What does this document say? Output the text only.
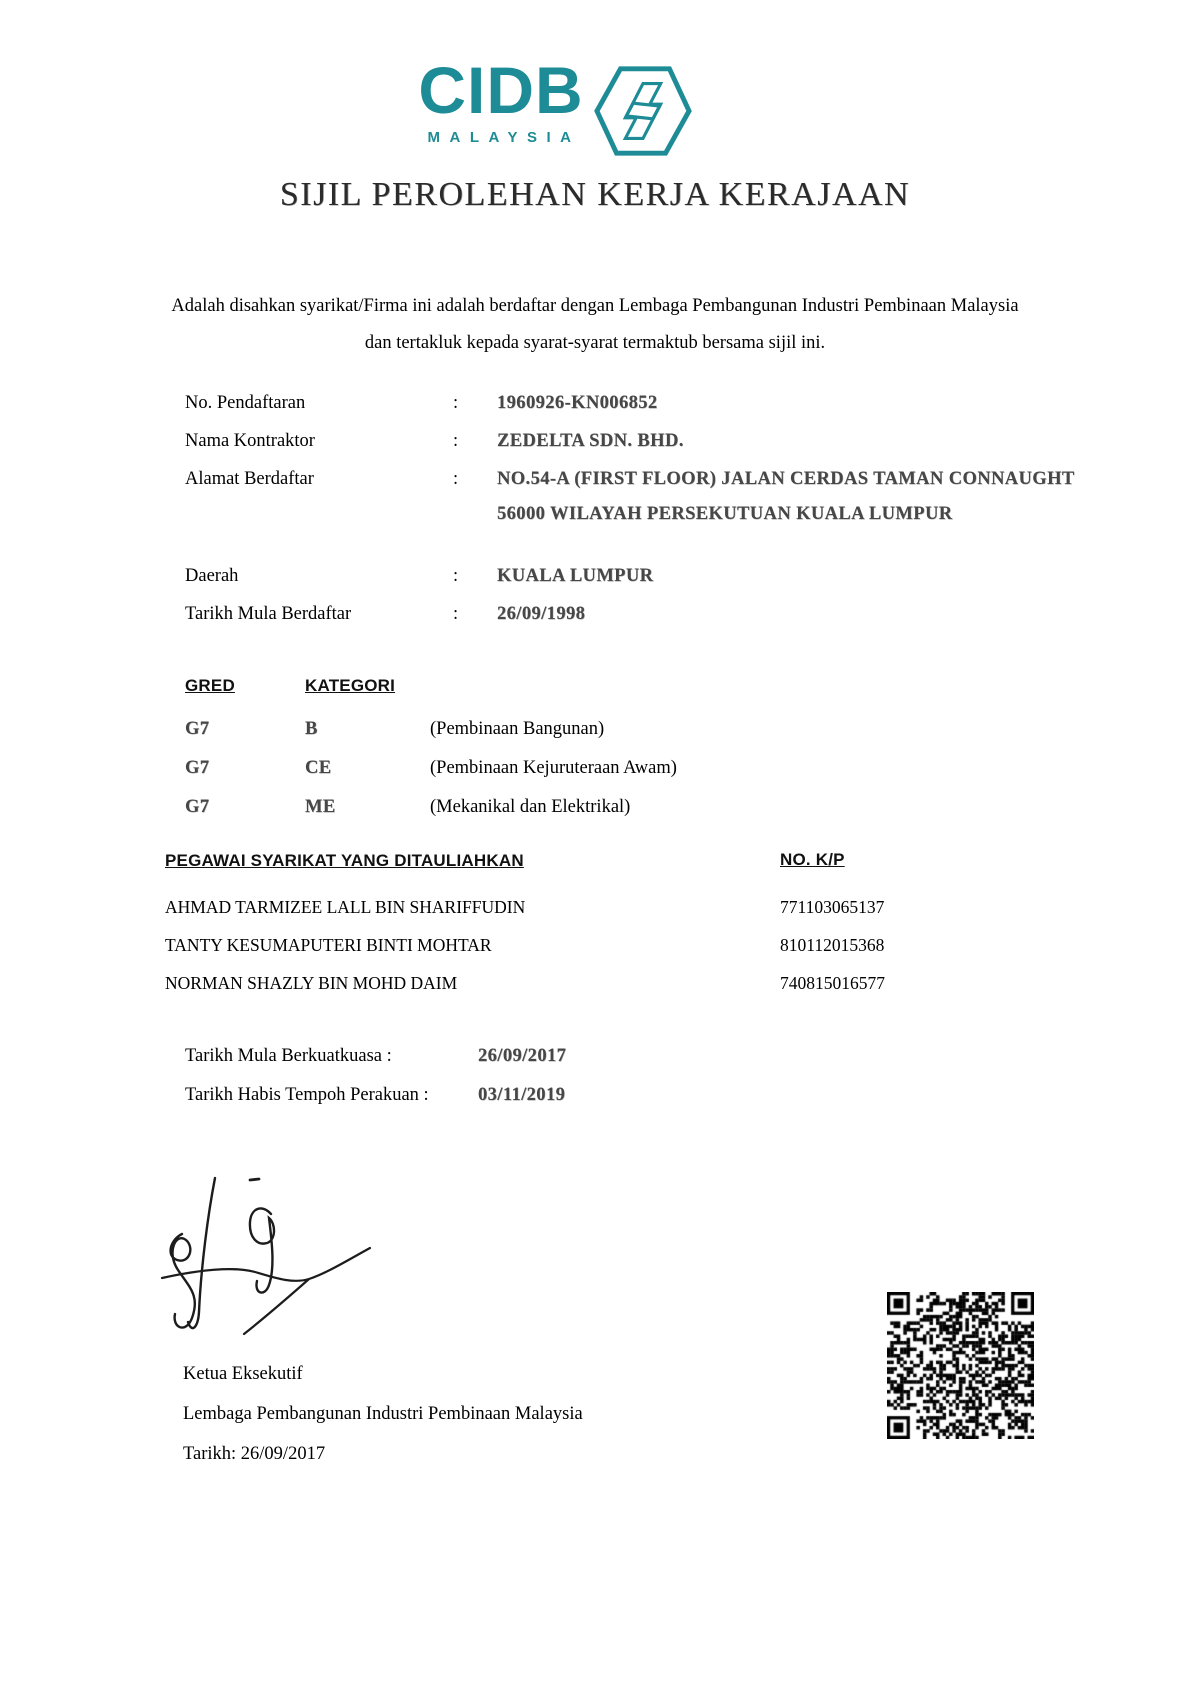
CIDB
MALAYSIA
SIJIL PEROLEHAN KERJA KERAJAAN
Adalah disahkan syarikat/Firma ini adalah berdaftar dengan Lembaga Pembangunan Industri Pembinaan Malaysia dan tertakluk kepada syarat-syarat termaktub bersama sijil ini.
No. Pendaftaran	: 1960926-KN006852
Nama Kontraktor	: ZEDELTA SDN. BHD.
Alamat Berdaftar	: NO.54-A (FIRST FLOOR) JALAN CERDAS TAMAN CONNAUGHT
56000 WILAYAH PERSEKUTUAN KUALA LUMPUR
Daerah	: KUALA LUMPUR
Tarikh Mula Berdaftar	: 26/09/1998
GRED	KATEGORI
G7	B	(Pembinaan Bangunan)
G7	CE	(Pembinaan Kejuruteraan Awam)
G7	ME	(Mekanikal dan Elektrikal)
PEGAWAI SYARIKAT YANG DITAULIAHKAN	NO. K/P
AHMAD TARMIZEE LALL BIN SHARIFFUDIN	771103065137
TANTY KESUMAPUTERI BINTI MOHTAR	810112015368
NORMAN SHAZLY BIN MOHD DAIM	740815016577
Tarikh Mula Berkuatkuasa :	26/09/2017
Tarikh Habis Tempoh Perakuan :	03/11/2019
Ketua Eksekutif
Lembaga Pembangunan Industri Pembinaan Malaysia
Tarikh: 26/09/2017
